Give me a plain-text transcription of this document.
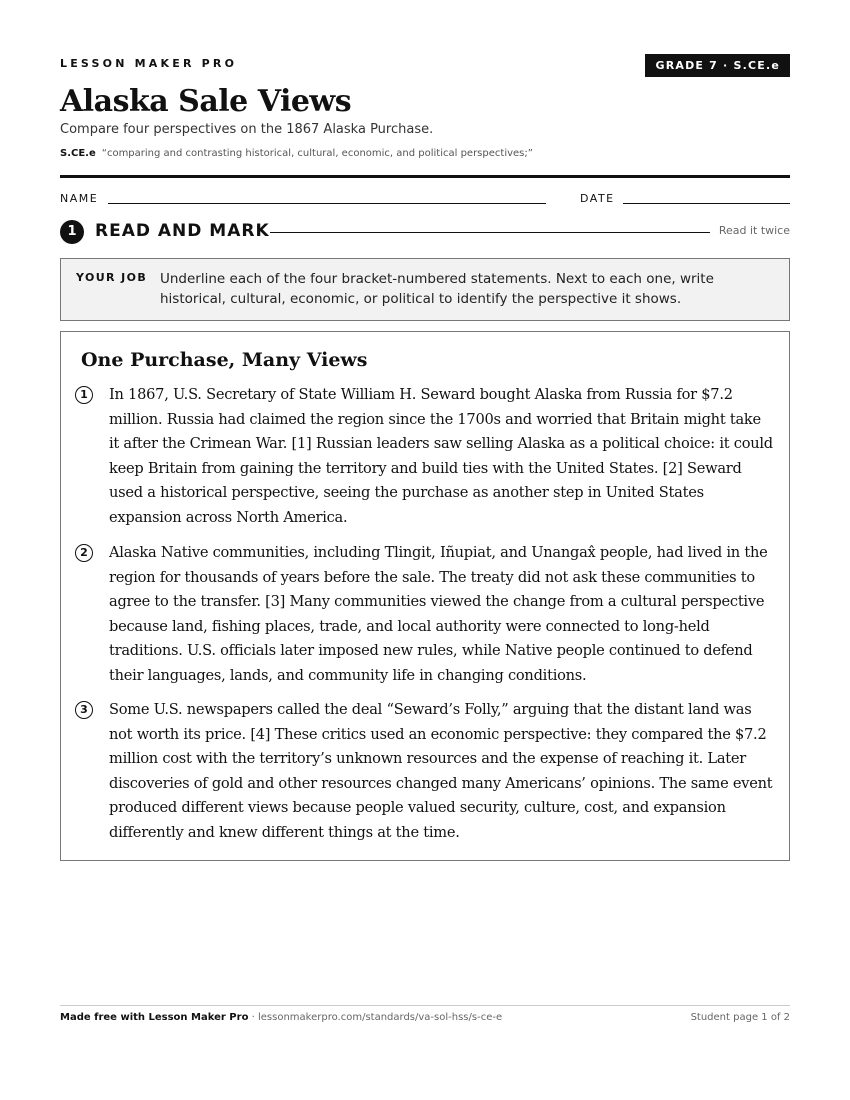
LESSON MAKER PRO	GRADE 7 · S.CE.e
Alaska Sale Views
Compare four perspectives on the 1867 Alaska Purchase.
S.CE.e “comparing and contrasting historical, cultural, economic, and political perspectives;”
NAME	DATE
1	READ AND MARK	Read it twice
YOUR JOB Underline each of the four bracket-numbered statements. Next to each one, write historical, cultural, economic, or political to identify the perspective it shows.
One Purchase, Many Views
1	In 1867, U.S. Secretary of State William H. Seward bought Alaska from Russia for $7.2 million. Russia had claimed the region since the 1700s and worried that Britain might take it after the Crimean War. [1] Russian leaders saw selling Alaska as a political choice: it could keep Britain from gaining the territory and build ties with the United States. [2] Seward used a historical perspective, seeing the purchase as another step in United States expansion across North America.

2	Alaska Native communities, including Tlingit, Iñupiat, and Unangax̂ people, had lived in the region for thousands of years before the sale. The treaty did not ask these communities to agree to the transfer. [3] Many communities viewed the change from a cultural perspective because land, fishing places, trade, and local authority were connected to long-held traditions. U.S. officials later imposed new rules, while Native people continued to defend their languages, lands, and community life in changing conditions.

3	Some U.S. newspapers called the deal “Seward’s Folly,” arguing that the distant land was not worth its price. [4] These critics used an economic perspective: they compared the $7.2 million cost with the territory’s unknown resources and the expense of reaching it. Later discoveries of gold and other resources changed many Americans’ opinions. The same event produced different views because people valued security, culture, cost, and expansion differently and knew different things at the time.

Made free with Lesson Maker Pro · lessonmakerpro.com/standards/va-sol-hss/s-ce-e	Student page 1 of 2
